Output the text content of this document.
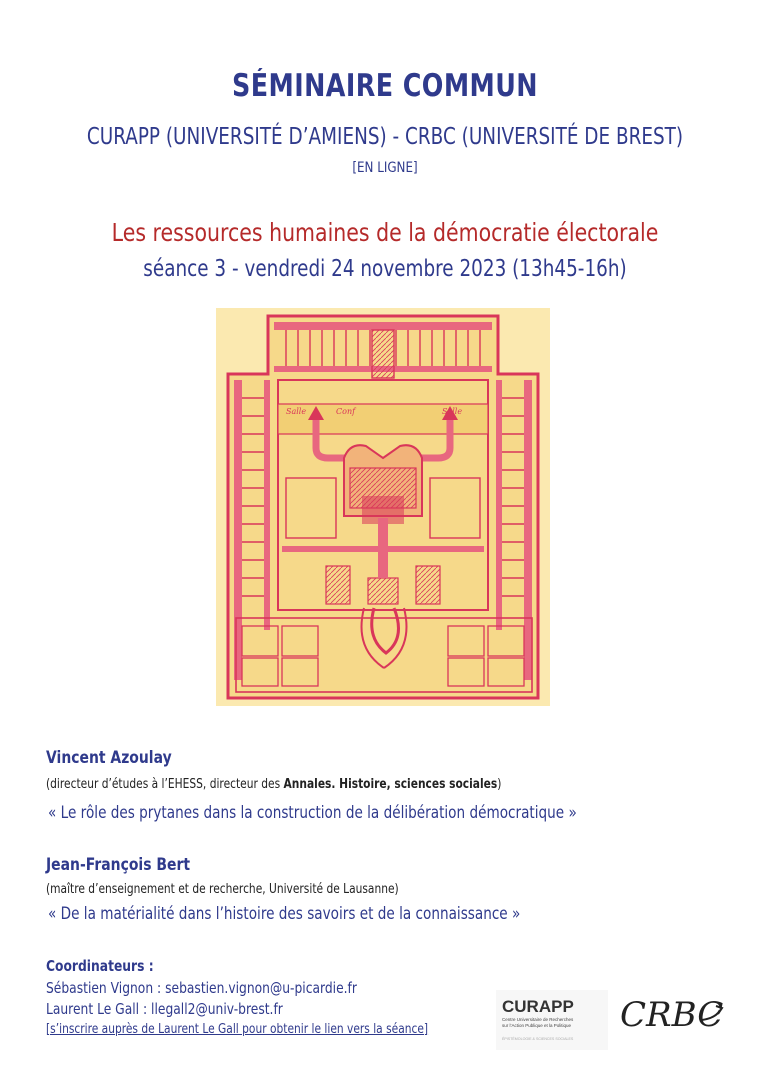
SÉMINAIRE COMMUN
CURAPP (UNIVERSITÉ D’AMIENS) - CRBC (UNIVERSITÉ DE BREST)
[EN LIGNE]
Les ressources humaines de la démocratie électorale
séance 3 - vendredi 24 novembre 2023 (13h45-16h)
Salle	Conf	Salle
Vincent Azoulay
(directeur d’études à l’EHESS, directeur des Annales. Histoire, sciences sociales)
« Le rôle des prytanes dans la construction de la délibération démocratique »
Jean-François Bert
(maître d’enseignement et de recherche, Université de Lausanne)
« De la matérialité dans l’histoire des savoirs et de la connaissance »
Coordinateurs :
Sébastien Vignon : sebastien.vignon@u-picardie.fr
Laurent Le Gall : llegall2@univ-brest.fr
[s’inscrire auprès de Laurent Le Gall pour obtenir le lien vers la séance]
CURAPP
Centre Universitaire de Recherches
sur l’Action Publique et la Politique
ÉPISTÉMOLOGIE & SCIENCES SOCIALES
CRBC
